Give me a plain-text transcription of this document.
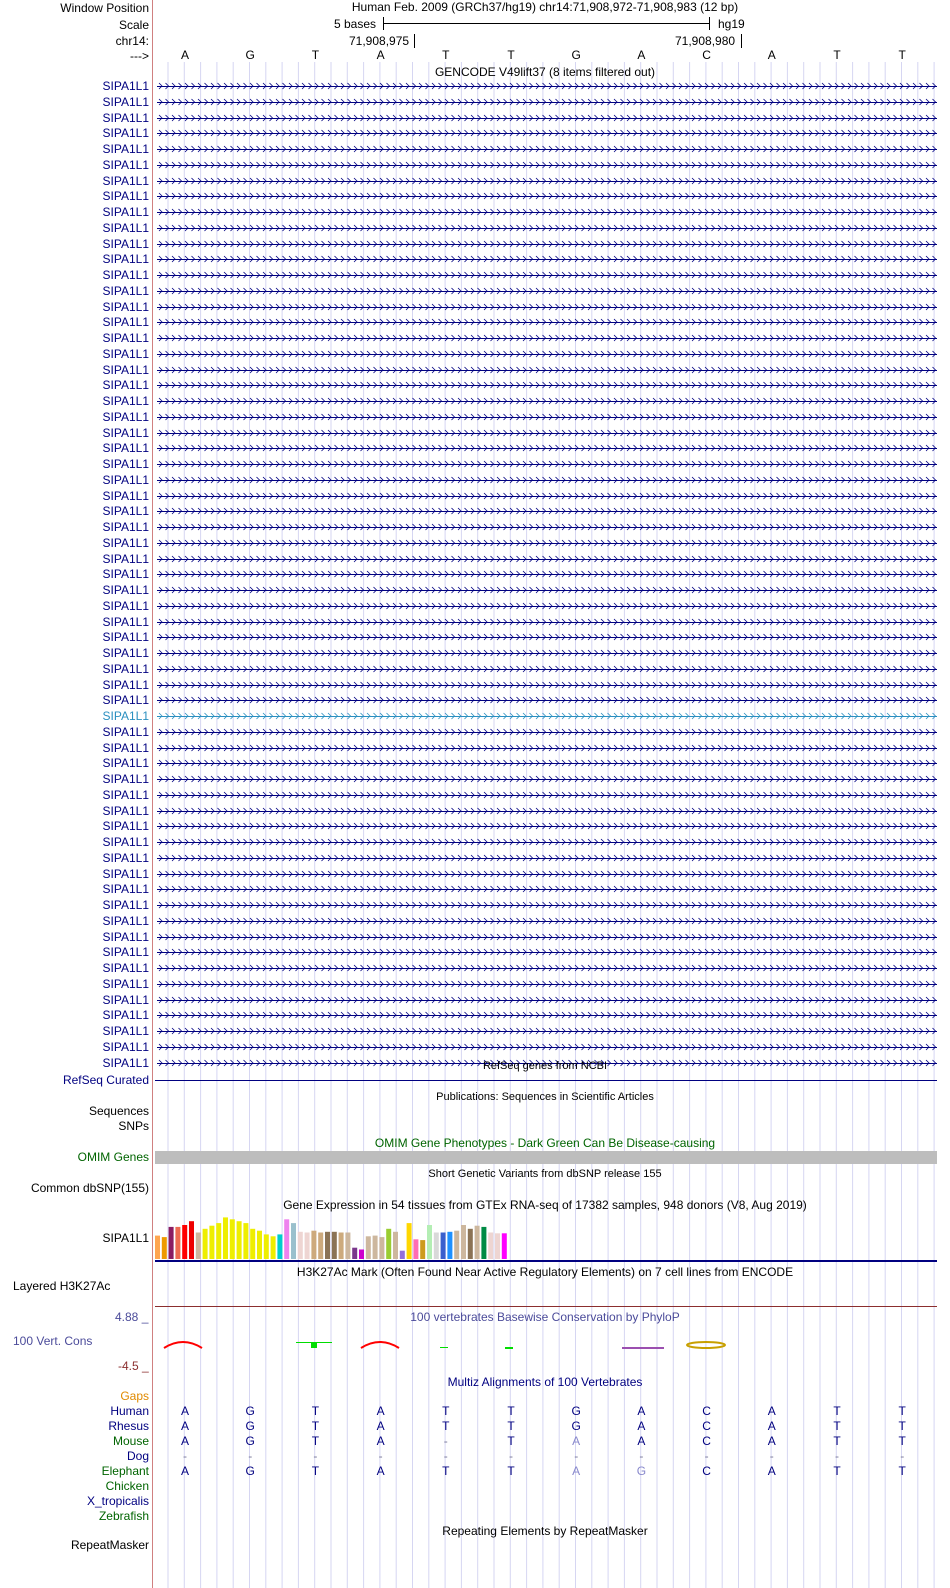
Window Position
Scale
chr14:
--->
Human Feb. 2009 (GRCh37/hg19) chr14:71,908,972-71,908,983 (12 bp)
5 bases	hg19
71,908,975	71,908,980
A	G	T	A	T	T	G	A	C	A	T	T
GENCODE V49lift37 (8 items filtered out)
SIPA1L1
SIPA1L1
SIPA1L1
SIPA1L1
SIPA1L1
SIPA1L1
SIPA1L1
SIPA1L1
SIPA1L1
SIPA1L1
SIPA1L1
SIPA1L1
SIPA1L1
SIPA1L1
SIPA1L1
SIPA1L1
SIPA1L1
SIPA1L1
SIPA1L1
SIPA1L1
SIPA1L1
SIPA1L1
SIPA1L1
SIPA1L1
SIPA1L1
SIPA1L1
SIPA1L1
SIPA1L1
SIPA1L1
SIPA1L1
SIPA1L1
SIPA1L1
SIPA1L1
SIPA1L1
SIPA1L1
SIPA1L1
SIPA1L1
SIPA1L1
SIPA1L1
SIPA1L1
SIPA1L1
SIPA1L1
SIPA1L1
SIPA1L1
SIPA1L1
SIPA1L1
SIPA1L1
SIPA1L1
SIPA1L1
SIPA1L1
SIPA1L1
SIPA1L1
SIPA1L1
SIPA1L1
SIPA1L1
SIPA1L1
SIPA1L1
SIPA1L1
SIPA1L1
SIPA1L1
SIPA1L1
SIPA1L1
SIPA1L1	RefSeq genes from NCBI
RefSeq Curated
Publications: Sequences in Scientific Articles
Sequences
SNPs
OMIM Gene Phenotypes - Dark Green Can Be Disease-causing
OMIM Genes
Short Genetic Variants from dbSNP release 155
Common dbSNP(155)
Gene Expression in 54 tissues from GTEx RNA-seq of 17382 samples, 948 donors (V8, Aug 2019)
SIPA1L1
H3K27Ac Mark (Often Found Near Active Regulatory Elements) on 7 cell lines from ENCODE
Layered H3K27Ac
100 vertebrates Basewise Conservation by PhyloP
4.88 _
100 Vert. Cons
-4.5 _
Multiz Alignments of 100 Vertebrates
Gaps
Human	A	G	T	A	T	T	G	A	C	A	T	T
Rhesus	A	G	T	A	T	T	G	A	C	A	T	T
Mouse	A	G	T	A	-	T	A	A	C	A	T	T
Dog	-	-	-	-	-	-	-	-	-	-	-	-
Elephant	A	G	T	A	T	T	A	G	C	A	T	T
Chicken
X_tropicalis
Zebrafish
Repeating Elements by RepeatMasker
RepeatMasker
